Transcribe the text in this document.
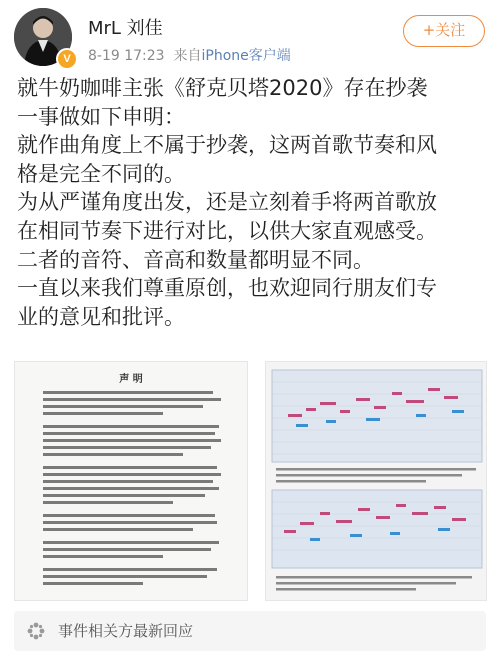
V
MrL 刘佳
8-19 17:23 来自iPhone客户端
+关注

就牛奶咖啡主张《舒克贝塔2020》存在抄袭

一事做如下申明：

就作曲角度上不属于抄袭，这两首歌节奏和风

格是完全不同的。

为从严谨角度出发，还是立刻着手将两首歌放

在相同节奏下进行对比，以供大家直观感受。

二者的音符、音高和数量都明显不同。

一直以来我们尊重原创，也欢迎同行朋友们专

业的意见和批评。

声 明
事件相关方最新回应
